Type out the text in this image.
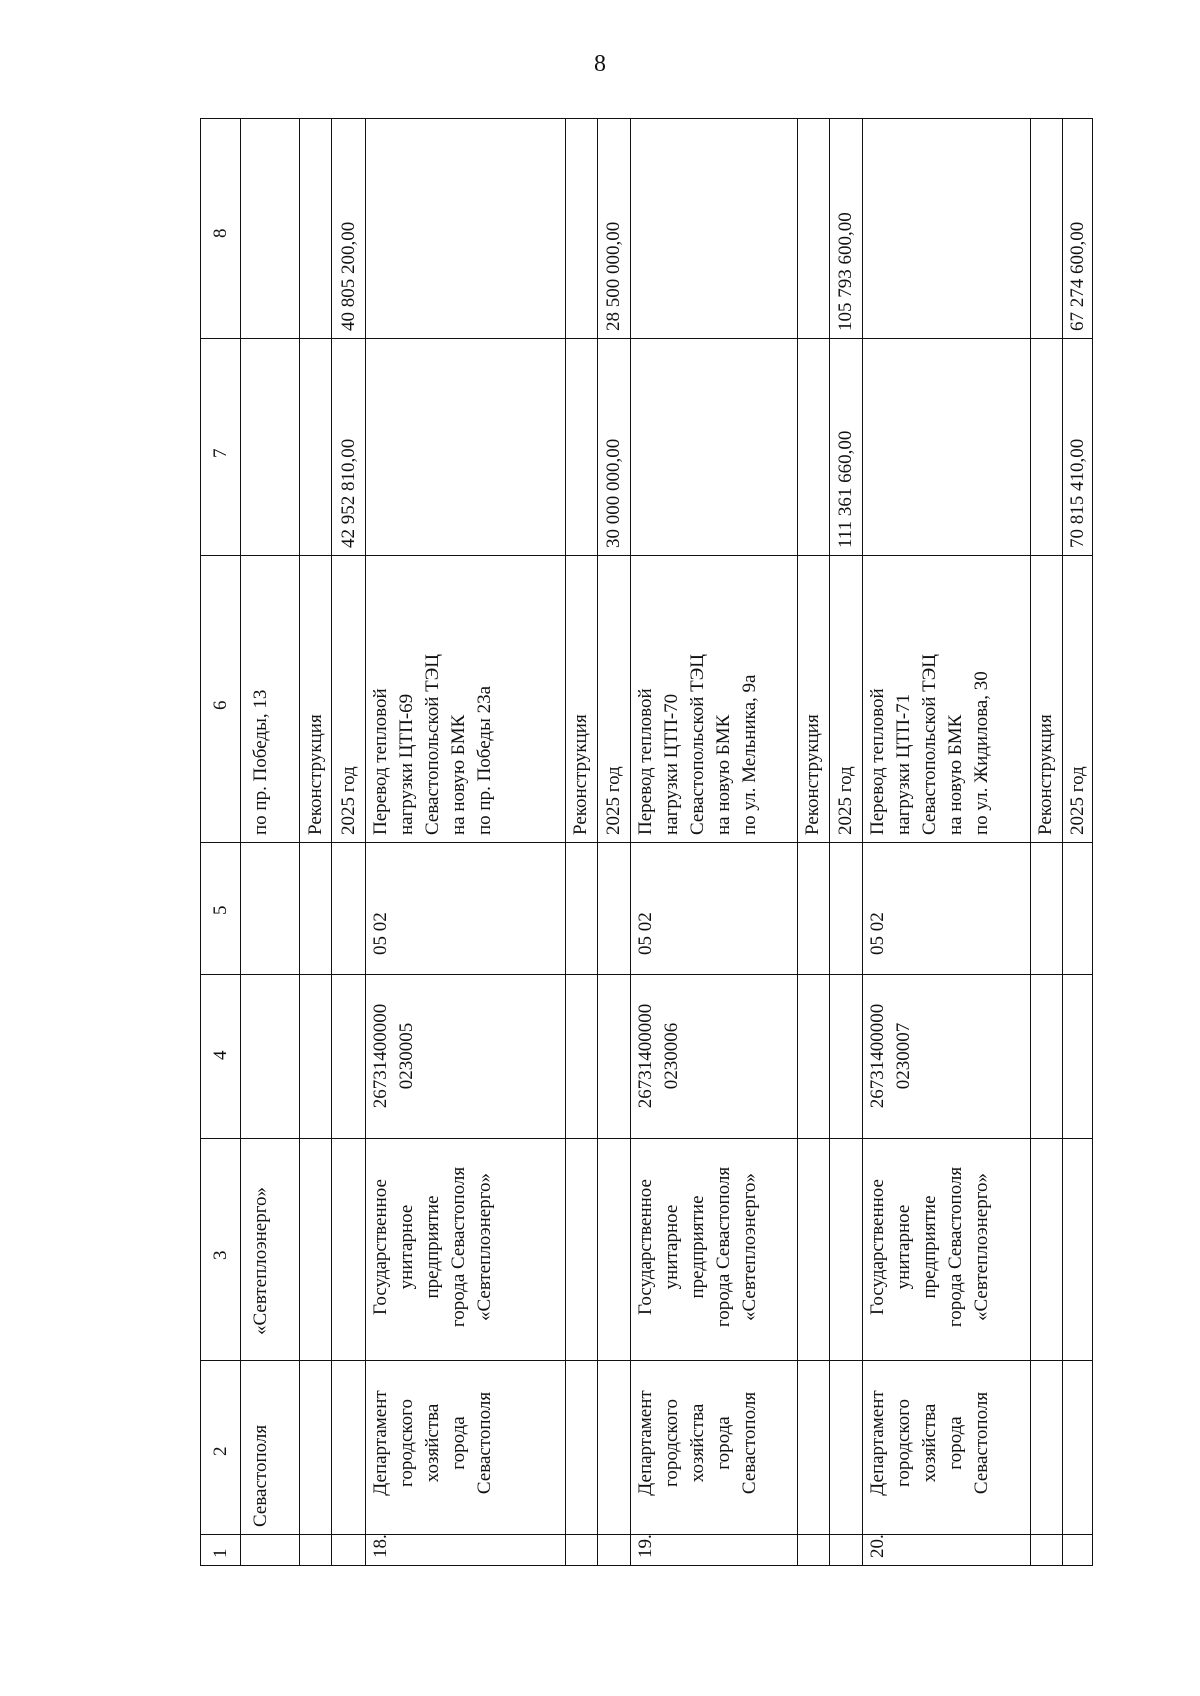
8
1
2
3
4
5
6
7
8
Севастополя
«Севтеплоэнерго»
по пр. Победы, 13 Реконструкция 2025 год
42 952 810,00
40 805 200,00
18.
Департамент городского хозяйства города Севастополя
Государственное унитарное предприятие города Севастополя «Севтеплоэнерго»
26731400000 0230005
05 02
Перевод тепловой нагрузки ЦТП-69 Севастопольской ТЭЦ на новую БМК по пр. Победы 23а	Реконструкция 2025 год
30 000 000,00
28 500 000,00
19.
Департамент городского хозяйства города Севастополя
Государственное унитарное предприятие города Севастополя «Севтеплоэнерго»
26731400000 0230006
05 02
Перевод тепловой нагрузки ЦТП-70 Севастопольской ТЭЦ на новую БМК по ул. Мельника, 9а Реконструкция 2025 год
111 361 660,00
105 793 600,00
20.
Департамент городского хозяйства города Севастополя
Государственное унитарное предприятие города Севастополя «Севтеплоэнерго»
26731400000 0230007
05 02
Перевод тепловой нагрузки ЦТП-71 Севастопольской ТЭЦ на новую БМК по ул. Жидилова, 30 Реконструкция 2025 год
70 815 410,00
67 274 600,00
